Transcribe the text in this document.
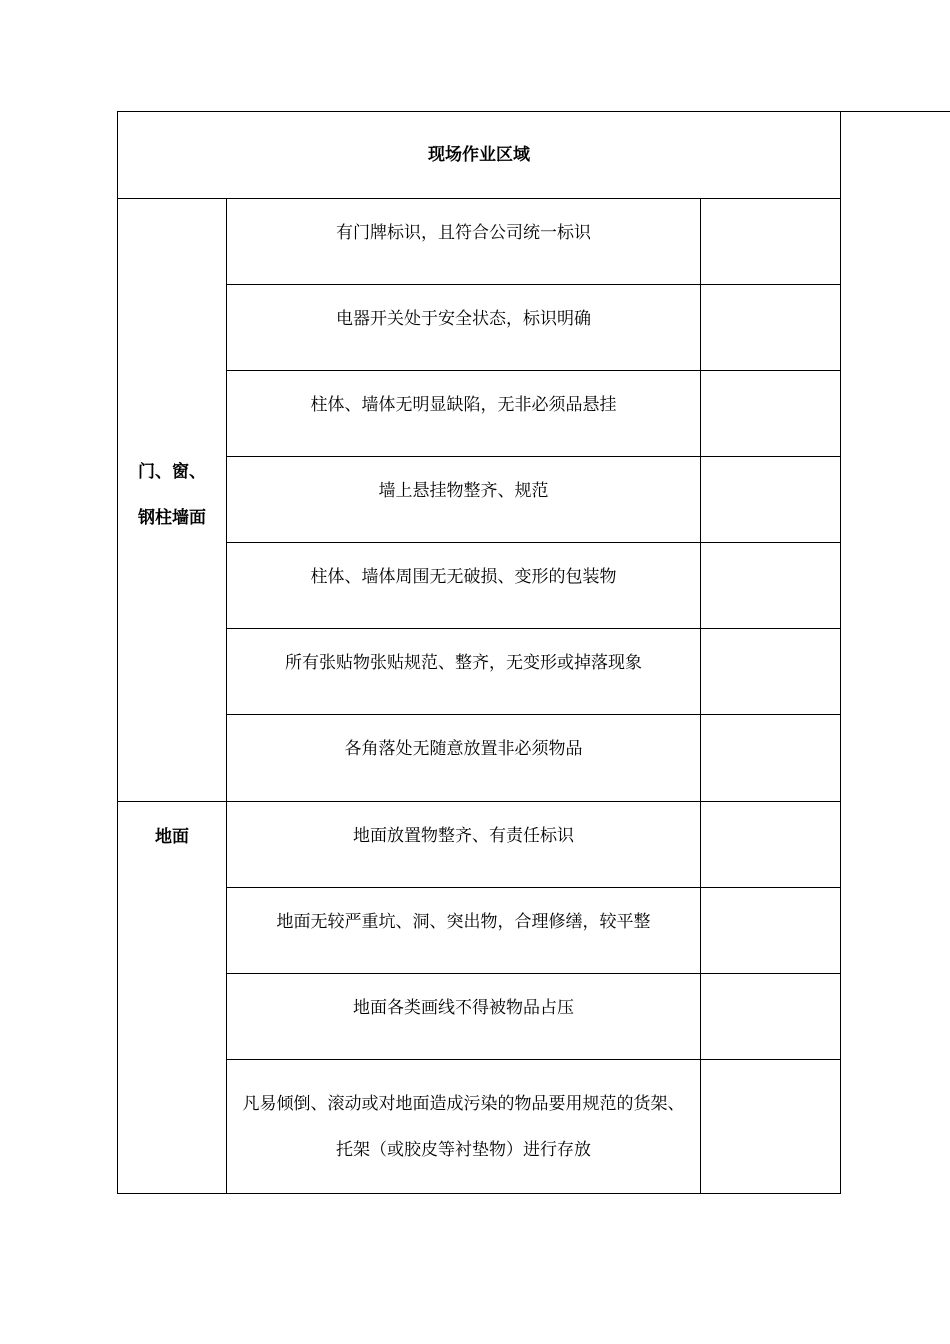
现场作业区域
门、窗、
钢柱墙面
有门牌标识，且符合公司统一标识
电器开关处于安全状态，标识明确
柱体、墙体无明显缺陷，无非必须品悬挂
墙上悬挂物整齐、规范
柱体、墙体周围无无破损、变形的包装物
所有张贴物张贴规范、整齐，无变形或掉落现象
各角落处无随意放置非必须物品
地面	地面放置物整齐、有责任标识
地面无较严重坑、洞、突出物，合理修缮，较平整
地面各类画线不得被物品占压
凡易倾倒、滚动或对地面造成污染的物品要用规范的货架、托架（或胶皮等衬垫物）进行存放
